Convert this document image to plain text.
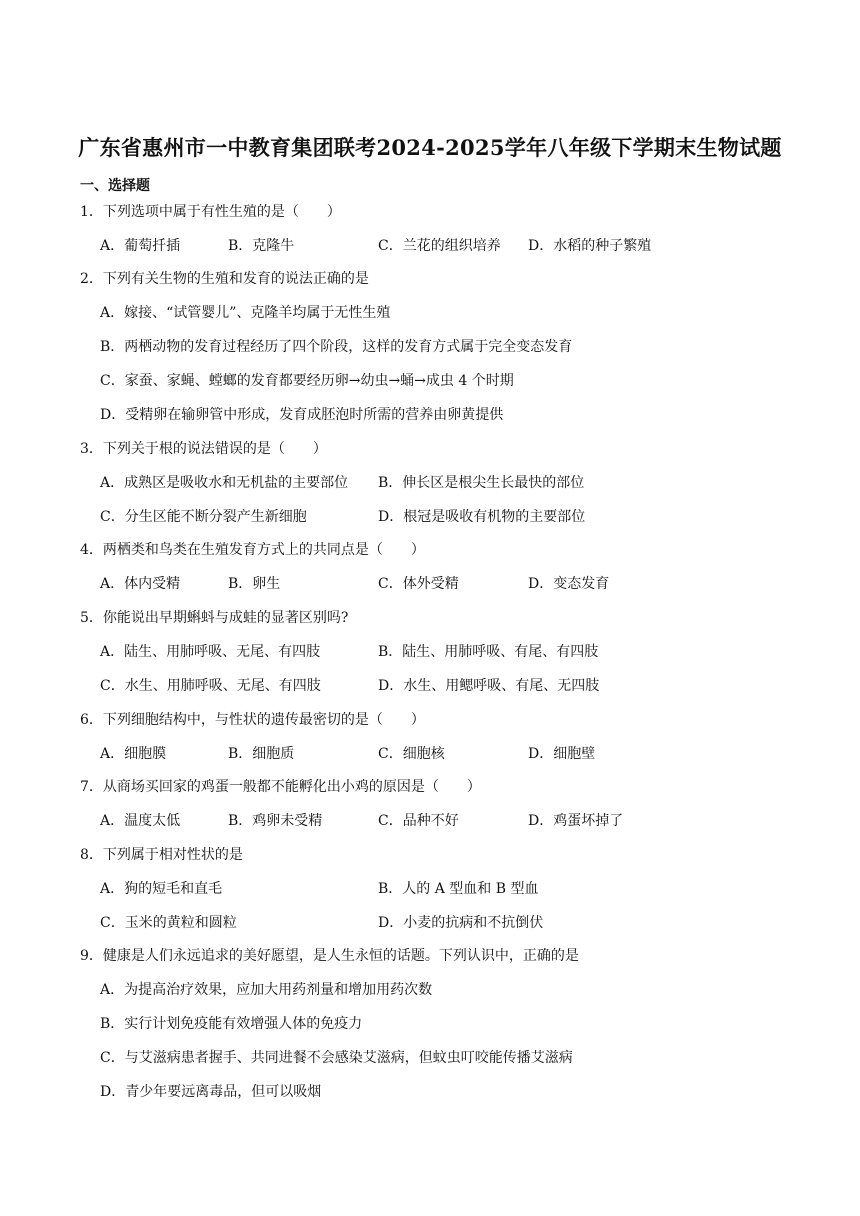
广东省惠州市一中教育集团联考2024-2025学年八年级下学期末生物试题
一、选择题
1．下列选项中属于有性生殖的是（　　）
A．葡萄扦插	B．克隆牛	C．兰花的组织培养 D．水稻的种子繁殖
2．下列有关生物的生殖和发育的说法正确的是
A．嫁接、“试管婴儿”、克隆羊均属于无性生殖
B．两栖动物的发育过程经历了四个阶段，这样的发育方式属于完全变态发育
C．家蚕、家蝇、螳螂的发育都要经历卵→幼虫→蛹→成虫 4 个时期
D．受精卵在输卵管中形成，发育成胚泡时所需的营养由卵黄提供
3．下列关于根的说法错误的是（　　）
A．成熟区是吸收水和无机盐的主要部位 B．伸长区是根尖生长最快的部位
C．分生区能不断分裂产生新细胞	D．根冠是吸收有机物的主要部位
4．两栖类和鸟类在生殖发育方式上的共同点是（　　）
A．体内受精	B．卵生	C．体外受精	D．变态发育
5．你能说出早期蝌蚪与成蛙的显著区别吗?
A．陆生、用肺呼吸、无尾、有四肢	B．陆生、用肺呼吸、有尾、有四肢
C．水生、用肺呼吸、无尾、有四肢	D．水生、用鳃呼吸、有尾、无四肢
6．下列细胞结构中，与性状的遗传最密切的是（　　）
A．细胞膜	B．细胞质	C．细胞核	D．细胞壁
7．从商场买回家的鸡蛋一般都不能孵化出小鸡的原因是（　　）
A．温度太低	B．鸡卵未受精	C．品种不好	D．鸡蛋坏掉了
8．下列属于相对性状的是
A．狗的短毛和直毛	B．人的 A 型血和 B 型血
C．玉米的黄粒和圆粒	D．小麦的抗病和不抗倒伏
9．健康是人们永远追求的美好愿望，是人生永恒的话题。下列认识中，正确的是
A．为提高治疗效果，应加大用药剂量和增加用药次数
B．实行计划免疫能有效增强人体的免疫力
C．与艾滋病患者握手、共同进餐不会感染艾滋病，但蚊虫叮咬能传播艾滋病
D．青少年要远离毒品，但可以吸烟
